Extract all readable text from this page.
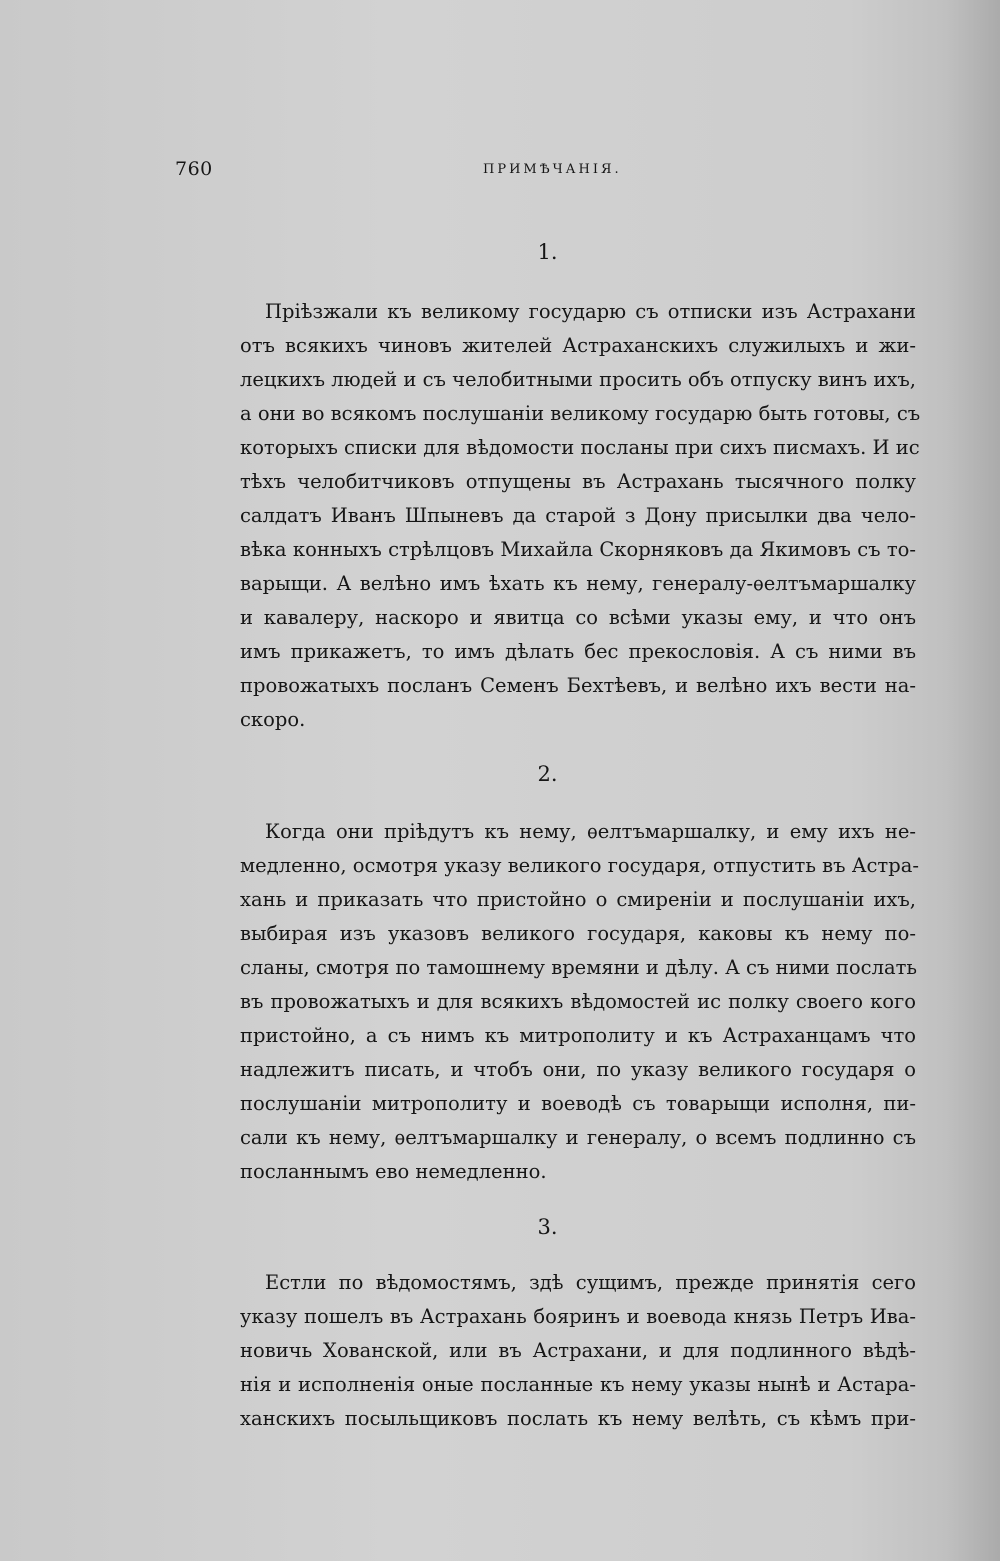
760	ПРИМѢЧАНІЯ.
1.
Пріѣзжали къ великому государю съ отписки изъ Астрахани
отъ всякихъ чиновъ жителей Астраханскихъ служилыхъ и жи-
лецкихъ людей и съ челобитными просить объ отпуску винъ ихъ,
а они во всякомъ послушаніи великому государю быть готовы, съ
которыхъ списки для вѣдомости посланы при сихъ писмахъ. И ис
тѣхъ челобитчиковъ отпущены въ Астрахань тысячного полку
салдатъ Иванъ Шпыневъ да старой з Дону присылки два чело-
вѣка конныхъ стрѣлцовъ Михайла Скорняковъ да Якимовъ съ то-
варыщи. А велѣно имъ ѣхать къ нему, генералу-ѳелтъмаршалку
и кавалеру, наскоро и явитца со всѣми указы ему, и что онъ
имъ прикажетъ, то имъ дѣлать бес прекословія. А съ ними въ
провожатыхъ посланъ Семенъ Бехтѣевъ, и велѣно ихъ вести на-
скоро.
2.
Когда они пріѣдутъ къ нему, ѳелтъмаршалку, и ему ихъ не-
медленно, осмотря указу великого государя, отпустить въ Астра-
хань и приказать что пристойно о смиреніи и послушаніи ихъ,
выбирая изъ указовъ великого государя, каковы къ нему по-
сланы, смотря по тамошнему времяни и дѣлу. А съ ними послать
въ провожатыхъ и для всякихъ вѣдомостей ис полку своего кого
пристойно, а съ нимъ къ митрополиту и къ Астраханцамъ что
надлежитъ писать, и чтобъ они, по указу великого государя о
послушаніи митрополиту и воеводѣ съ товарыщи исполня, пи-
сали къ нему, ѳелтъмаршалку и генералу, о всемъ подлинно съ
посланнымъ ево немедленно.
3.
Естли по вѣдомостямъ, здѣ сущимъ, прежде принятія сего
указу пошелъ въ Астрахань бояринъ и воевода князь Петръ Ива-
новичь Хованской, или въ Астрахани, и для подлинного вѣдѣ-
нія и исполненія оные посланные къ нему указы нынѣ и Астара-
ханскихъ посыльщиковъ послать къ нему велѣть, съ кѣмъ при-
